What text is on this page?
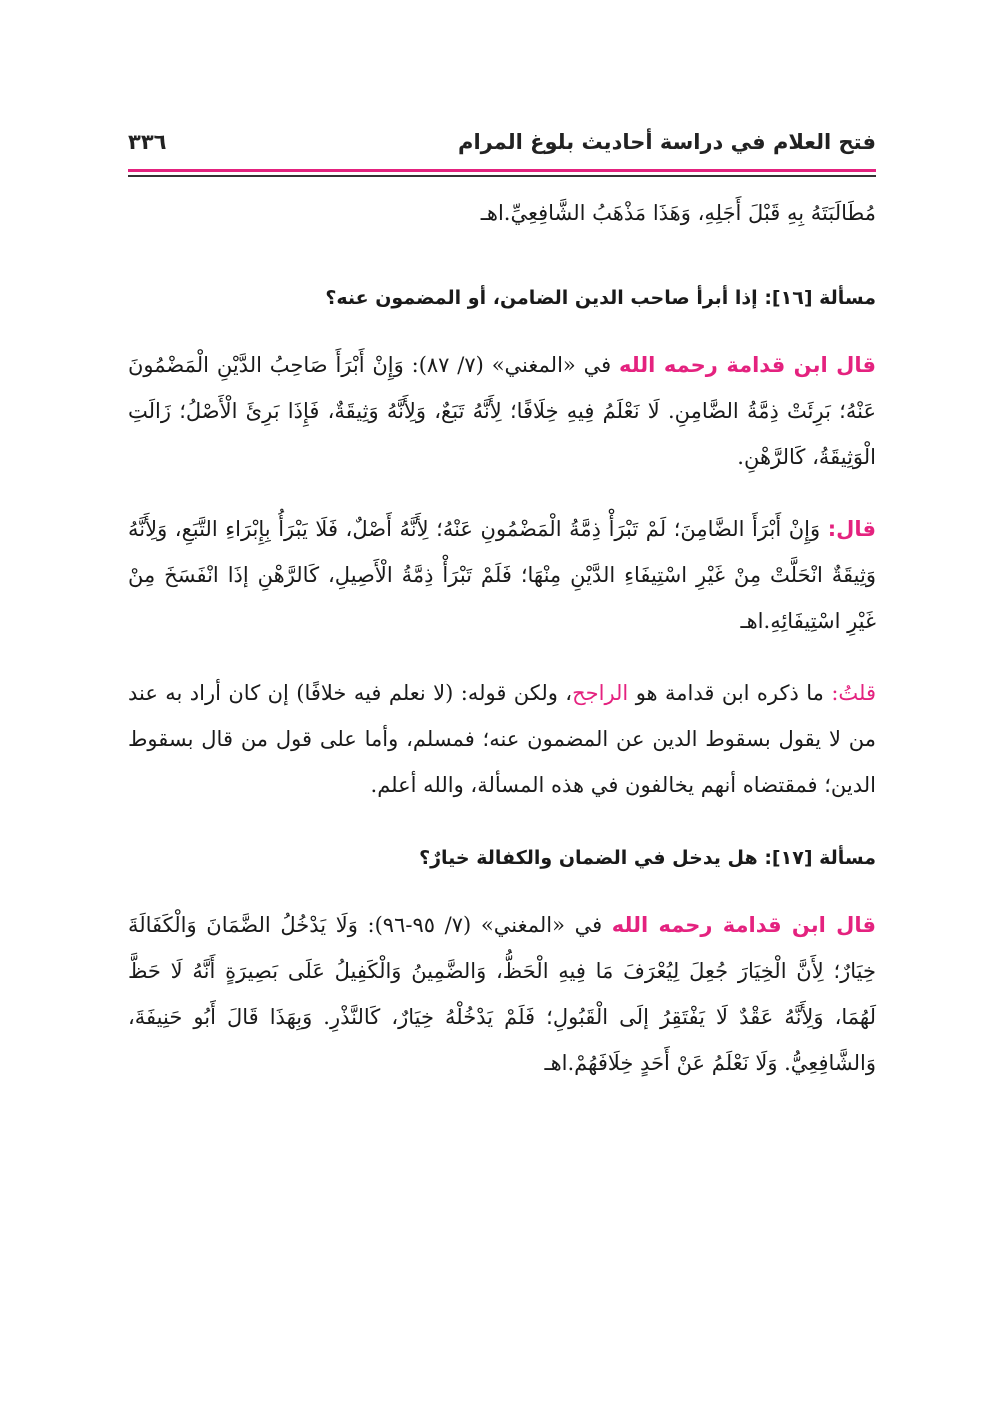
فتح العلام في دراسة أحاديث بلوغ المرام
٣٣٦

مُطَالَبَتَهُ بِهِ قَبْلَ أَجَلِهِ، وَهَذَا مَذْهَبُ الشَّافِعِيِّ.اهـ

مسألة [١٦]: إذا أبرأ صاحب الدين الضامن، أو المضمون عنه؟

قال ابن قدامة رحمه الله في «المغني» (٧/ ٨٧): وَإِنْ أَبْرَأَ صَاحِبُ الدَّيْنِ الْمَضْمُونَ عَنْهُ؛ بَرِئَتْ ذِمَّةُ الضَّامِنِ. لَا نَعْلَمُ فِيهِ خِلَافًا؛ لِأَنَّهُ تَبَعٌ، وَلِأَنَّهُ وَثِيقَةٌ، فَإِذَا بَرِئَ الْأَصْلُ؛ زَالَتِ الْوَثِيقَةُ، كَالرَّهْنِ.

قال: وَإِنْ أَبْرَأَ الضَّامِنَ؛ لَمْ تَبْرَأْ ذِمَّةُ الْمَضْمُونِ عَنْهُ؛ لِأَنَّهُ أَصْلٌ، فَلَا يَبْرَأُ بِإِبْرَاءِ التَّبَعِ، وَلِأَنَّهُ وَثِيقَةٌ انْحَلَّتْ مِنْ غَيْرِ اسْتِيفَاءِ الدَّيْنِ مِنْهَا؛ فَلَمْ تَبْرَأْ ذِمَّةُ الْأَصِيلِ، كَالرَّهْنِ إذَا انْفَسَخَ مِنْ غَيْرِ اسْتِيفَائِهِ.اهـ

قلتُ: ما ذكره ابن قدامة هو الراجح، ولكن قوله: (لا نعلم فيه خلافًا) إن كان أراد به عند من لا يقول بسقوط الدين عن المضمون عنه؛ فمسلم، وأما على قول من قال بسقوط الدين؛ فمقتضاه أنهم يخالفون في هذه المسألة، والله أعلم.

مسألة [١٧]: هل يدخل في الضمان والكفالة خيارٌ؟

قال ابن قدامة رحمه الله في «المغني» (٧/ ٩٥-٩٦): وَلَا يَدْخُلُ الضَّمَانَ وَالْكَفَالَةَ خِيَارٌ؛ لِأَنَّ الْخِيَارَ جُعِلَ لِيُعْرَفَ مَا فِيهِ الْحَظُّ، وَالضَّمِينُ وَالْكَفِيلُ عَلَى بَصِيرَةٍ أَنَّهُ لَا حَظَّ لَهُمَا، وَلِأَنَّهُ عَقْدٌ لَا يَفْتَقِرُ إلَى الْقَبُولِ؛ فَلَمْ يَدْخُلْهُ خِيَارٌ، كَالنَّذْرِ. وَبِهَذَا قَالَ أَبُو حَنِيفَةَ، وَالشَّافِعِيُّ. وَلَا نَعْلَمُ عَنْ أَحَدٍ خِلَافَهُمْ.اهـ
